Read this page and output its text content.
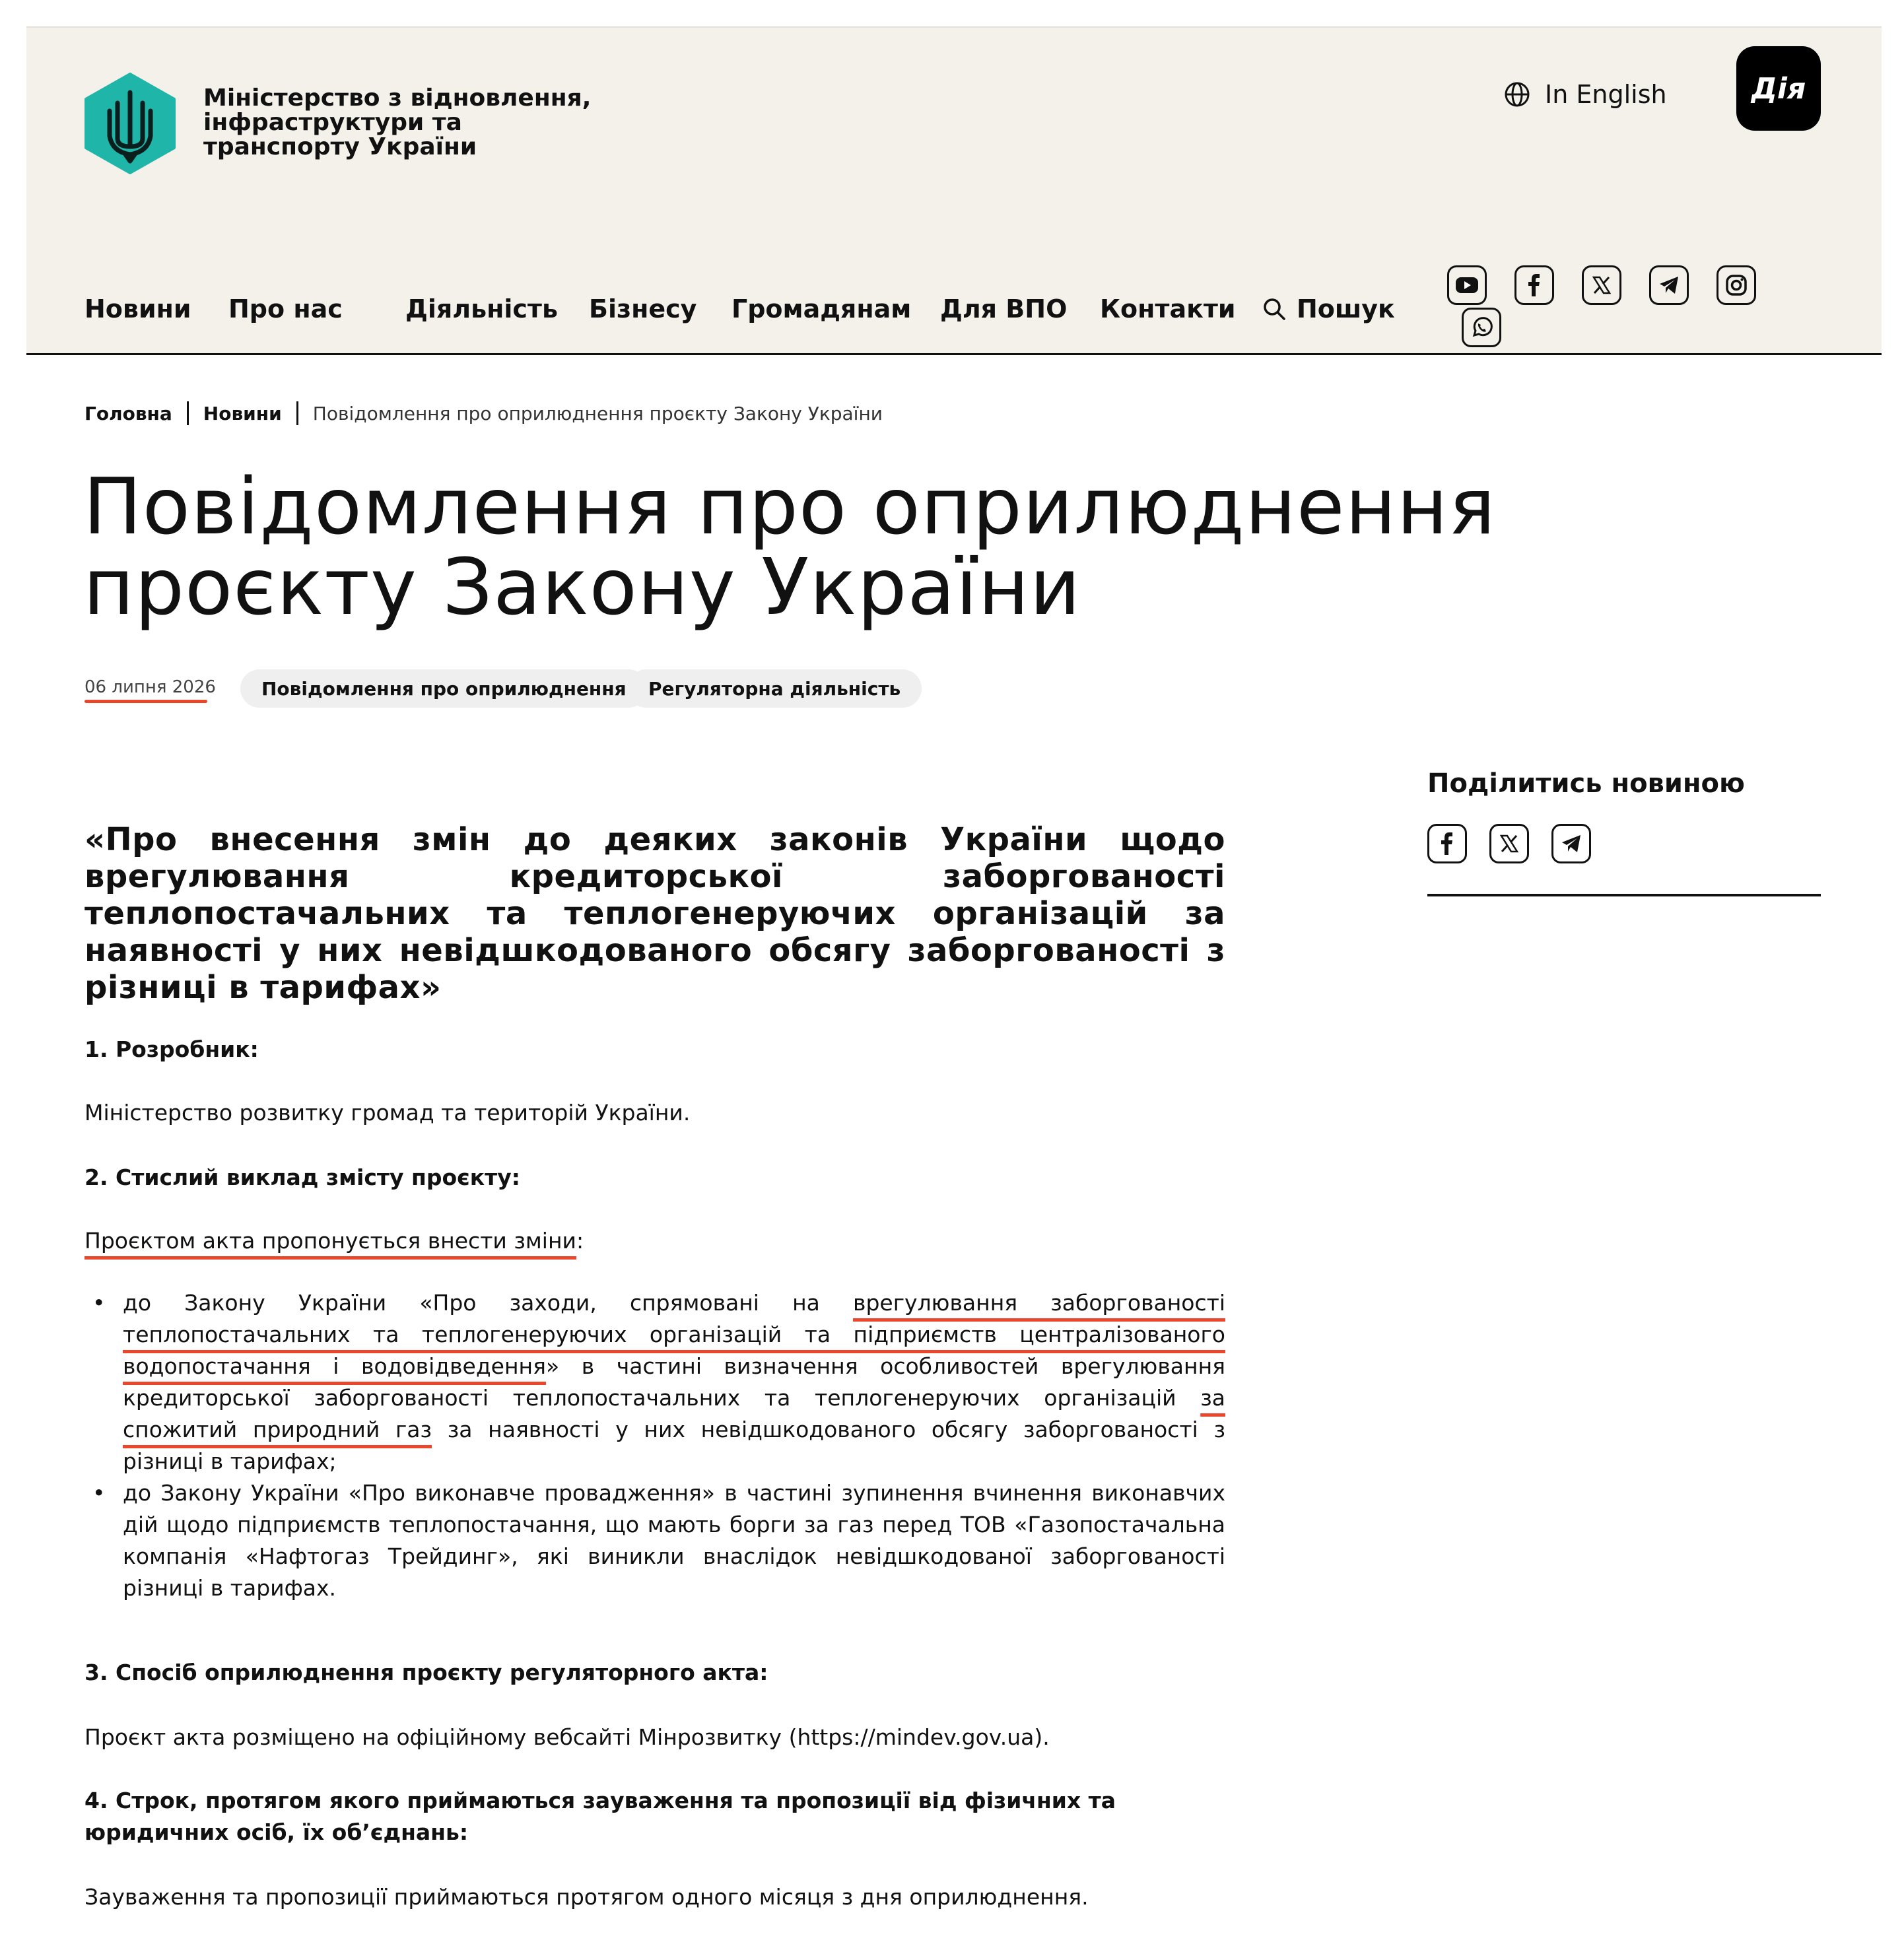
Міністерство з відновлення, інфраструктури та транспорту України
In English	Дія
Новини Про нас	Діяльність Бізнесу Громадянам Для ВПО Контакти Пошук
Головна Новини Повідомлення про оприлюднення проєкту Закону України
Повідомлення про оприлюднення проєкту Закону України
06 липня 2026	Повідомлення про оприлюднення	Регуляторна діяльність
«Про внесення змін до деяких законів України щодо врегулювання кредиторської заборгованості теплопостачальних та теплогенеруючих організацій за наявності у них невідшкодованого обсягу заборгованості з різниці в тарифах»
1. Розробник:
Міністерство розвитку громад та територій України.
2. Стислий виклад змісту проєкту:
Проєктом акта пропонується внести зміни:
• до Закону України «Про заходи, спрямовані на врегулювання заборгованості теплопостачальних та теплогенеруючих організацій та підприємств централізованого водопостачання і водовідведення» в частині визначення особливостей врегулювання кредиторської заборгованості теплопостачальних та теплогенеруючих організацій за спожитий природний газ за наявності у них невідшкодованого обсягу заборгованості з різниці в тарифах;
• до Закону України «Про виконавче провадження» в частині зупинення вчинення виконавчих дій щодо підприємств теплопостачання, що мають борги за газ перед ТОВ «Газопостачальна компанія «Нафтогаз Трейдинг», які виникли внаслідок невідшкодованої заборгованості різниці в тарифах.
3. Спосіб оприлюднення проєкту регуляторного акта:
Проєкт акта розміщено на офіційному вебсайті Мінрозвитку (https://mindev.gov.ua).
4. Строк, протягом якого приймаються зауваження та пропозиції від фізичних та юридичних осіб, їх об’єднань:
Зауваження та пропозиції приймаються протягом одного місяця з дня оприлюднення.
Поділитись новиною
